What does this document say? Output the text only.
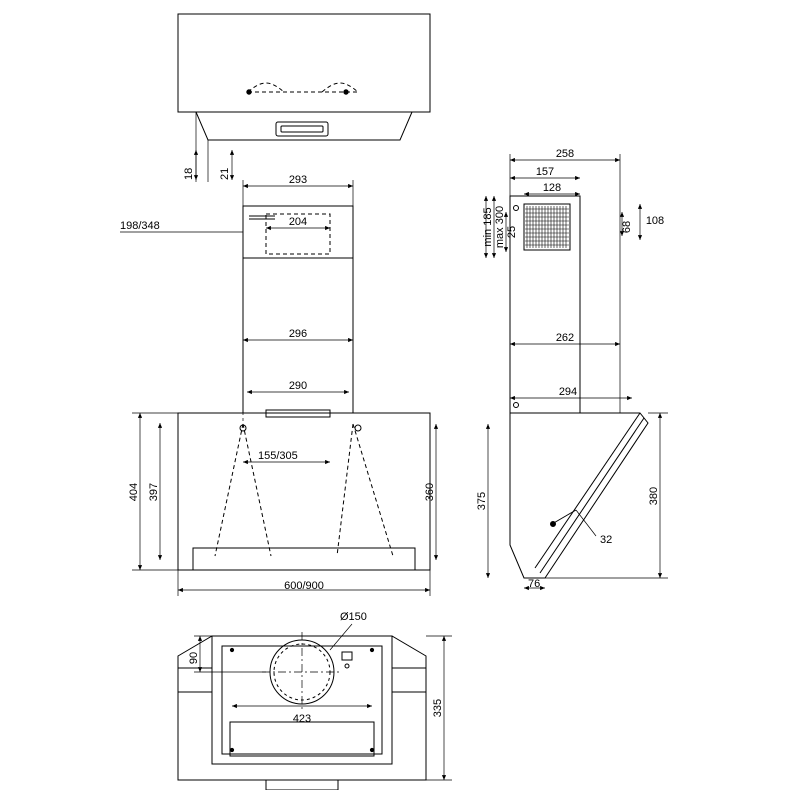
18 21	293
204
198/348
296
290
155/305
404 397	360
600/900
258
157
128
min 185 max 300 25	68 108
262
294
375	380
32
76
Ø150
90
423
335
